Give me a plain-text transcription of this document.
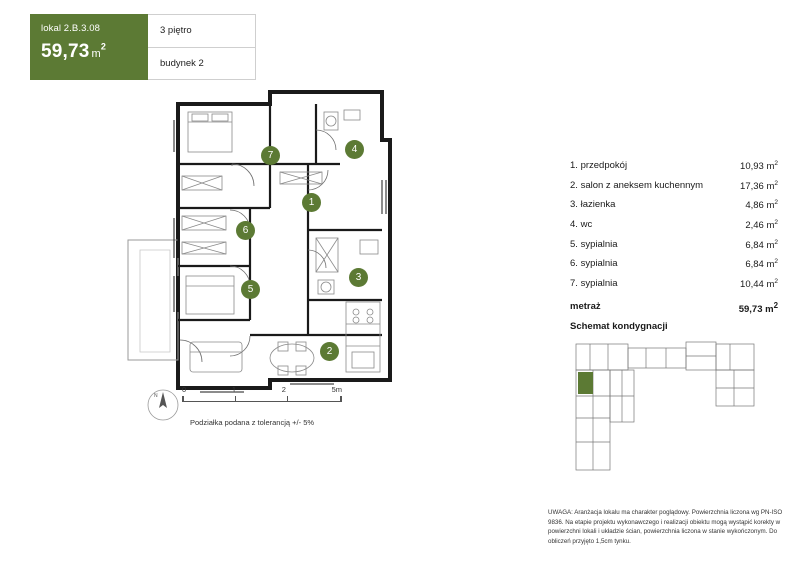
lokal 2.B.3.08
59,73 $m^2$
3 piętro
budynek 2
1
2
3
4
5
6
7
N
0	1	2	5m
Podziałka podana z tolerancją +/- 5%
1. przedpokój	10,93 $m^2$
2. salon z aneksem kuchennym	17,36 $m^2$
3. łazienka	4,86 $m^2$
4. wc	2,46 $m^2$
5. sypialnia	6,84 $m^2$
6. sypialnia	6,84 $m^2$
7. sypialnia	10,44 $m^2$
metraż	59,73 $m^2$
Schemat kondygnacji
UWAGA: Aranżacja lokalu ma charakter poglądowy. Powierzchnia liczona wg PN-ISO 9836. Na etapie projektu wykonawczego i realizacji obiektu mogą wystąpić korekty w powierzchni lokali i układzie ścian, powierzchnia liczona w stanie wykończonym. Do obliczeń przyjęto 1,5cm tynku.
